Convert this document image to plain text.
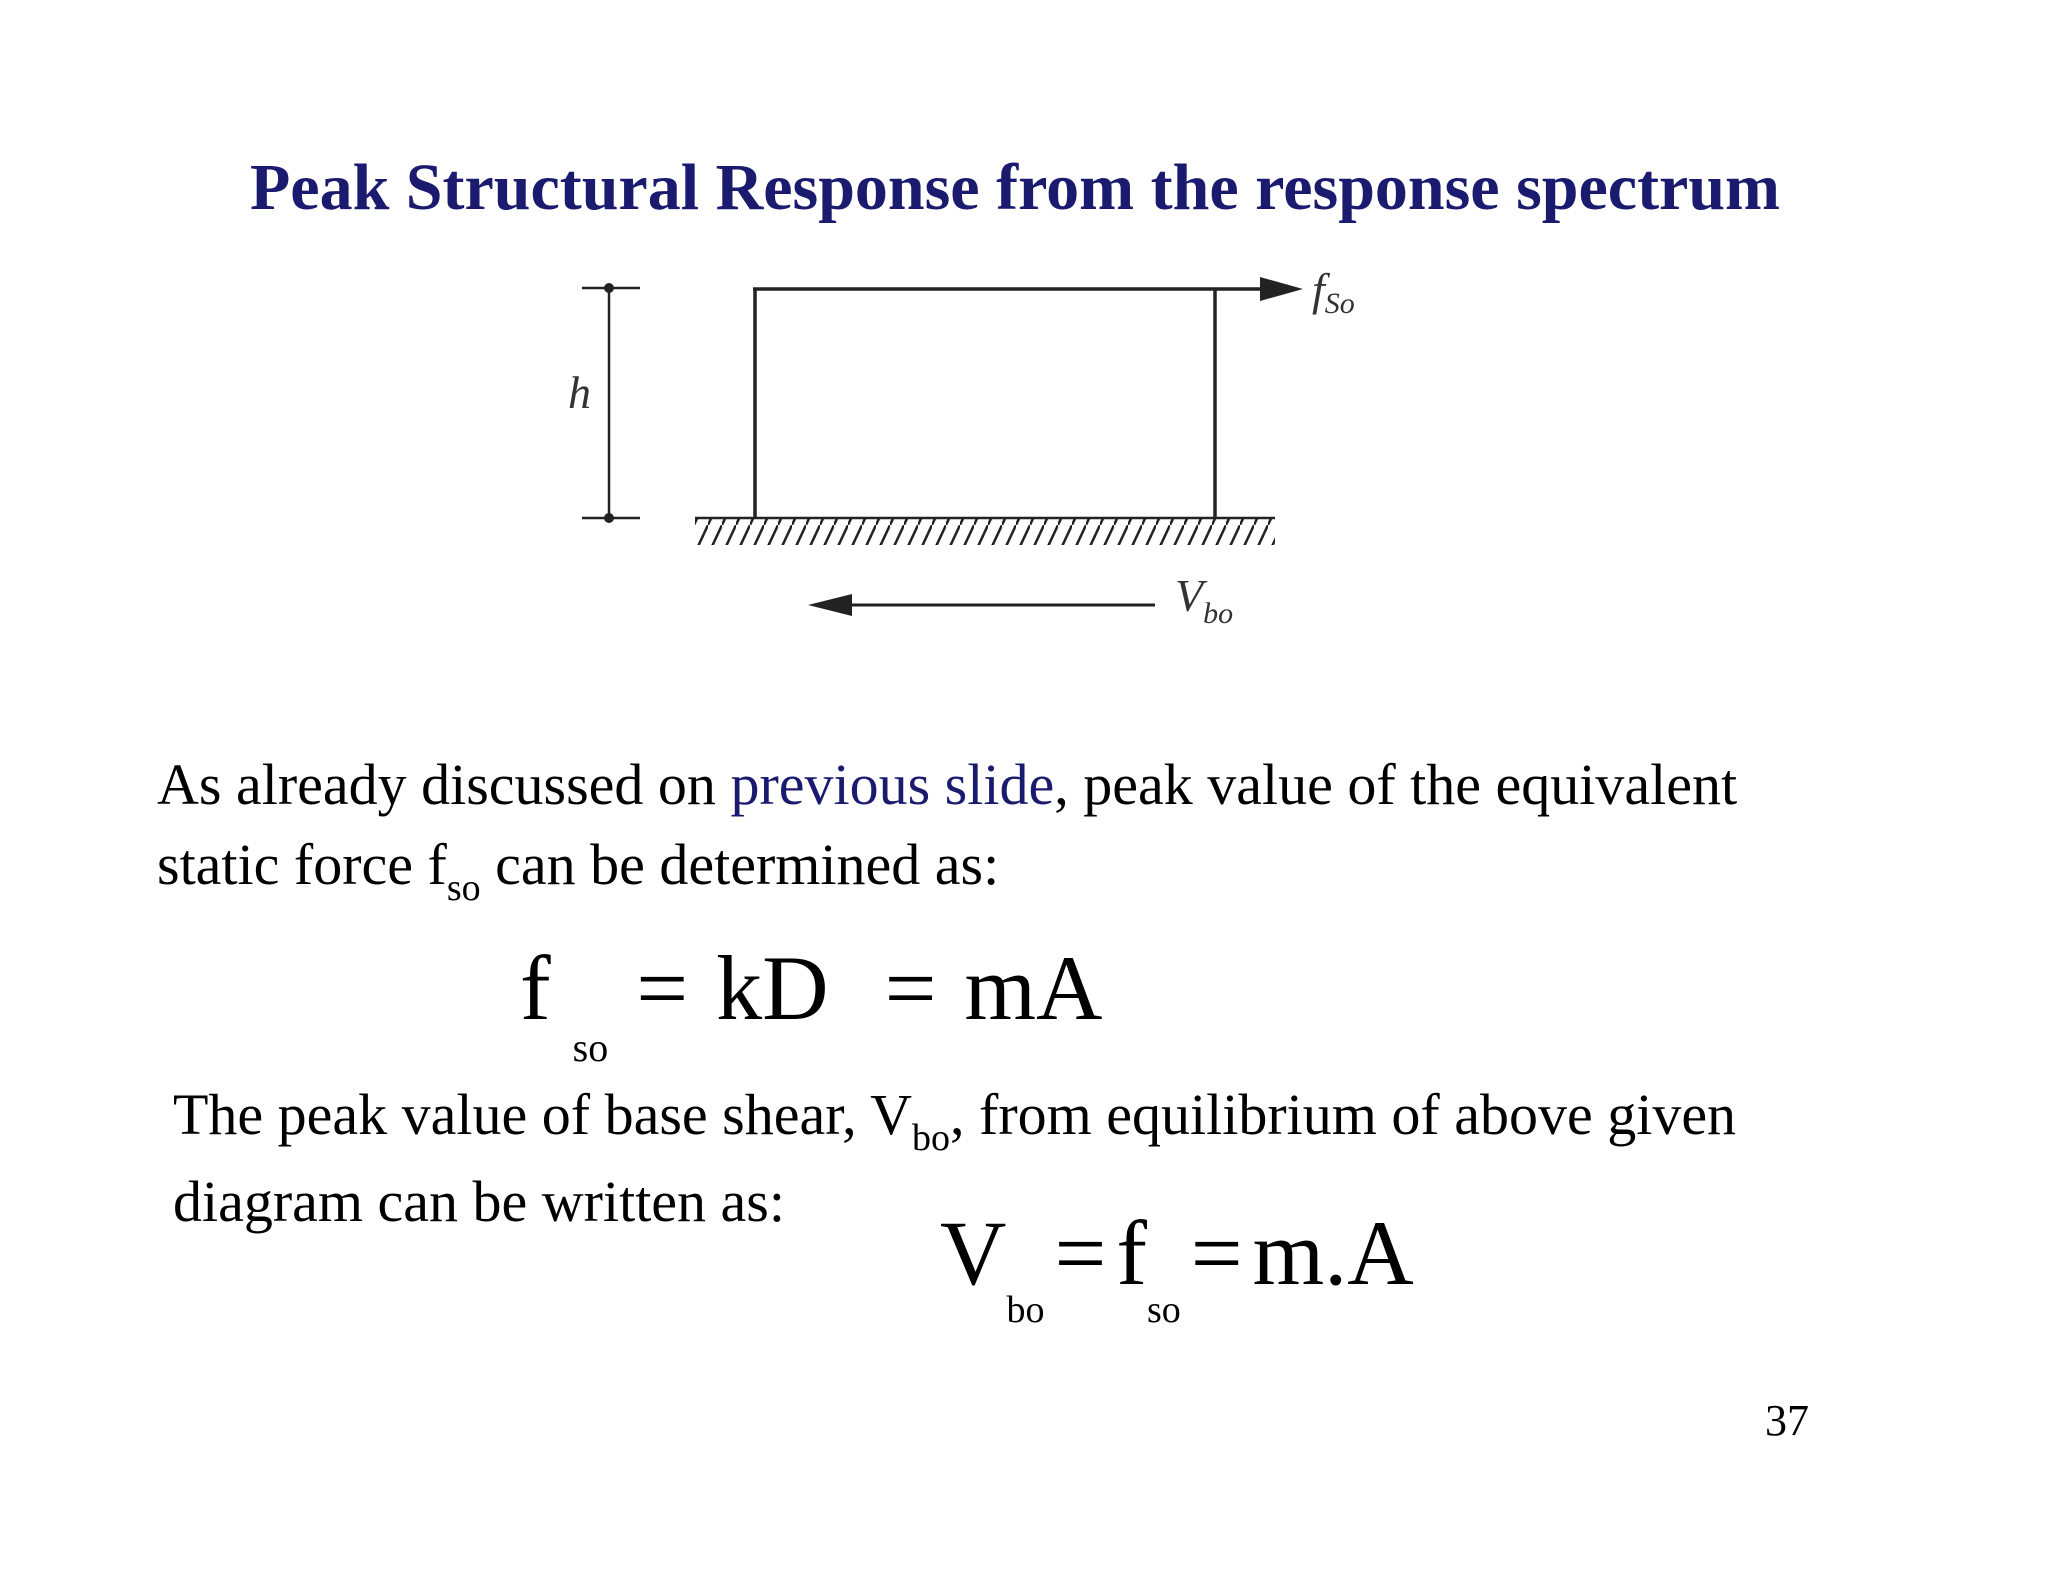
Peak Structural Response from the response spectrum
h
fSo
$V_{bo}$
As already discussed on previous slide, peak value of the equivalent
static force $f_{so}$ can be determined as:
$f_{so}=$ kD = mA
The peak value of base shear, $V_{bo}$, from equilibrium of above given
diagram can be written as:
$V_{bo}= f_{so}= m.A$
37
